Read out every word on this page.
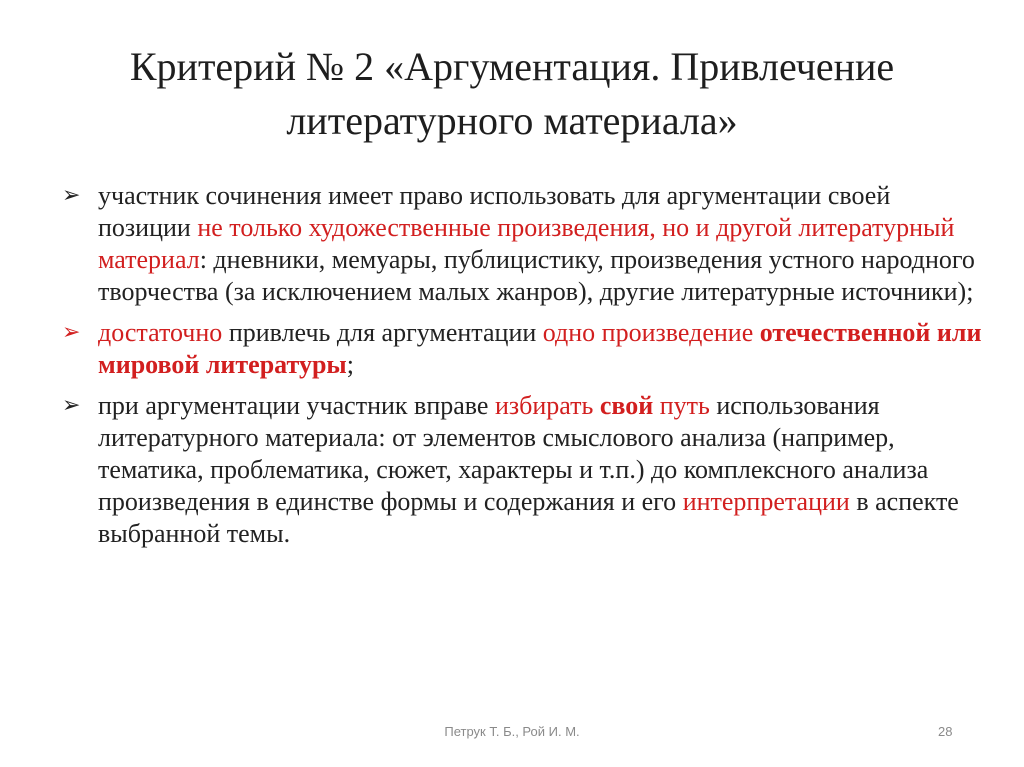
Критерий № 2 «Аргументация. Привлечение литературного материала»
➢ участник сочинения имеет право использовать для аргументации своей позиции не только художественные произведения, но и другой литературный материал: дневники, мемуары, публицистику, произведения устного народного творчества (за исключением малых жанров), другие литературные источники);
➢ достаточно привлечь для аргументации одно произведение отечественной или мировой литературы;
➢ при аргументации участник вправе избирать свой путь использования литературного материала: от элементов смыслового анализа (например, тематика, проблематика, сюжет, характеры и т.п.) до комплексного анализа произведения в единстве формы и содержания и его интерпретации в аспекте выбранной темы.
Петрук Т. Б., Рой И. М.	28
